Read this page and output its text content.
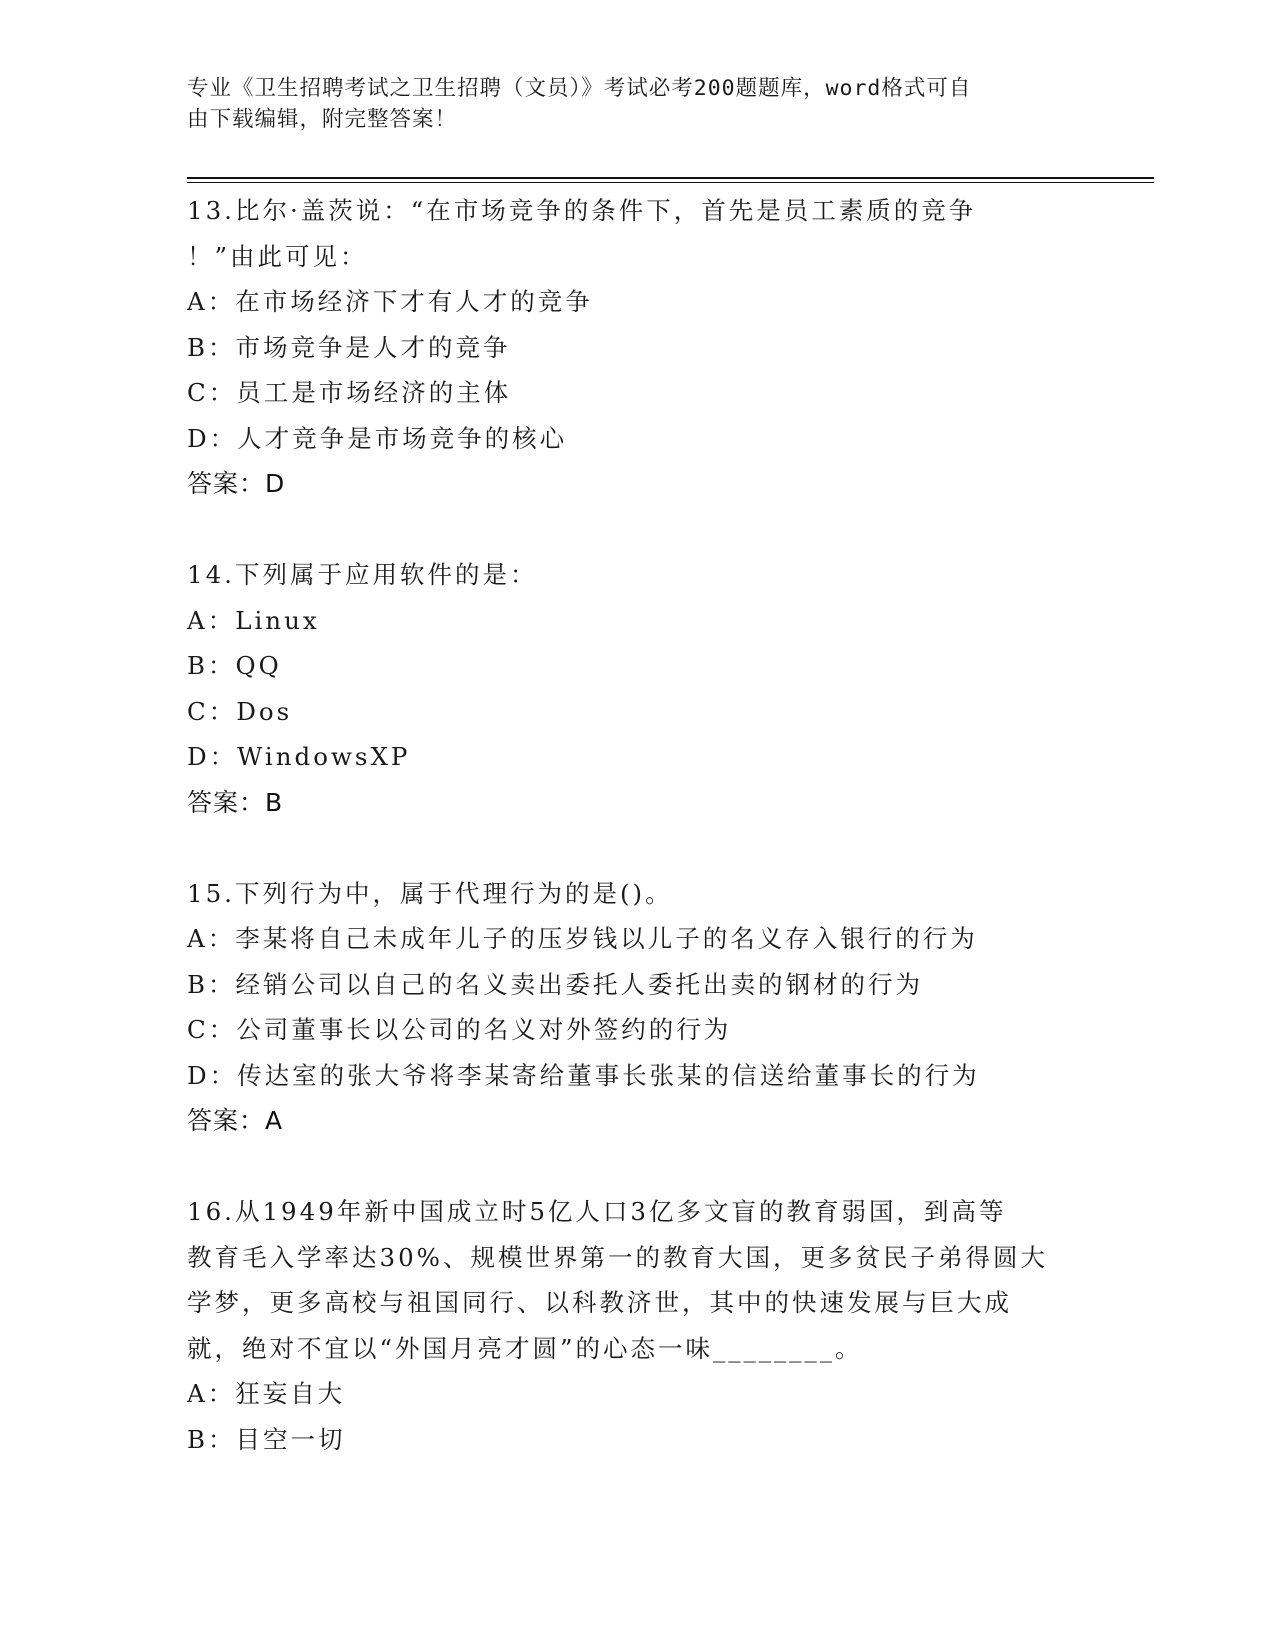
专业《卫生招聘考试之卫生招聘（文员）》考试必考200题题库，word格式可自
由下载编辑，附完整答案！
13.比尔·盖茨说：“在市场竞争的条件下，首先是员工素质的竞争
！”由此可见：
A：在市场经济下才有人才的竞争
B：市场竞争是人才的竞争
C：员工是市场经济的主体
D：人才竞争是市场竞争的核心
答案：D
14.下列属于应用软件的是：
A：Linux
B：QQ
C：Dos
D：WindowsXP
答案：B
15.下列行为中，属于代理行为的是()。
A：李某将自己未成年儿子的压岁钱以儿子的名义存入银行的行为
B：经销公司以自己的名义卖出委托人委托出卖的钢材的行为
C：公司董事长以公司的名义对外签约的行为
D：传达室的张大爷将李某寄给董事长张某的信送给董事长的行为
答案：A
16.从1949年新中国成立时5亿人口3亿多文盲的教育弱国，到高等
教育毛入学率达30%、规模世界第一的教育大国，更多贫民子弟得圆大
学梦，更多高校与祖国同行、以科教济世，其中的快速发展与巨大成
就，绝对不宜以“外国月亮才圆”的心态一味________。
A：狂妄自大
B：目空一切
